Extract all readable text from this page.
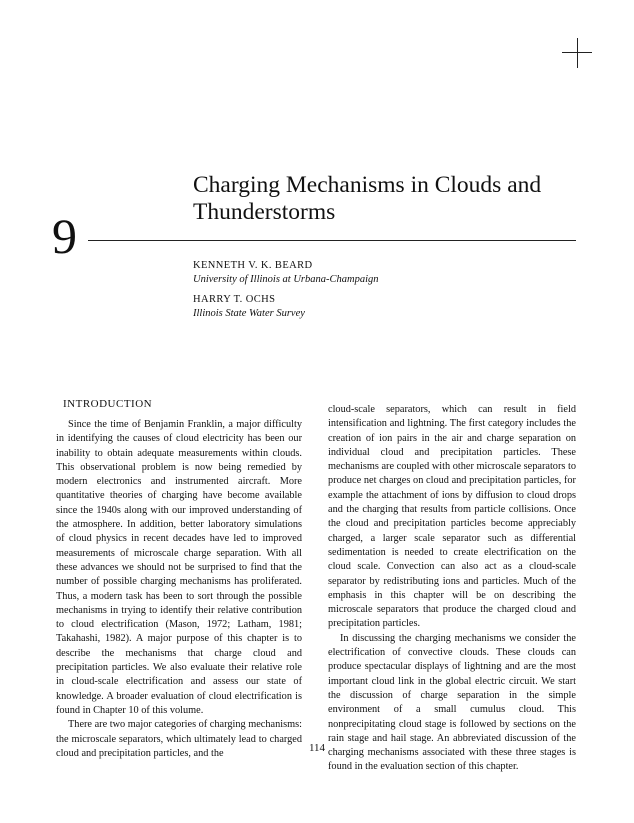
Charging Mechanisms in Clouds and Thunderstorms
9
KENNETH V. K. BEARD
University of Illinois at Urbana-Champaign
HARRY T. OCHS
Illinois State Water Survey
INTRODUCTION

Since the time of Benjamin Franklin, a major difficulty in identifying the causes of cloud electricity has been our inability to obtain adequate measurements within clouds. This observational problem is now being remedied by modern electronics and instrumented aircraft. More quantitative theories of charging have become available since the 1940s along with our improved understanding of the atmosphere. In addition, better laboratory simulations of cloud physics in recent decades have led to improved measurements of microscale charge separation. With all these advances we should not be surprised to find that the number of possible charging mechanisms has proliferated. Thus, a modern task has been to sort through the possible mechanisms in trying to identify their relative contribution to cloud electrification (Mason, 1972; Latham, 1981; Takahashi, 1982). A major purpose of this chapter is to describe the mechanisms that charge cloud and precipitation particles. We also evaluate their relative role in cloud-scale electrification and assess our state of knowledge. A broader evaluation of cloud electrification is found in Chapter 10 of this volume.

There are two major categories of charging mechanisms: the microscale separators, which ultimately lead to charged cloud and precipitation particles, and the

cloud-scale separators, which can result in field intensification and lightning. The first category includes the creation of ion pairs in the air and charge separation on individual cloud and precipitation particles. These mechanisms are coupled with other microscale separators to produce net charges on cloud and precipitation particles, for example the attachment of ions by diffusion to cloud drops and the charging that results from particle collisions. Once the cloud and precipitation particles become appreciably charged, a larger scale separator such as differential sedimentation is needed to create electrification on the cloud scale. Convection can also act as a cloud-scale separator by redistributing ions and particles. Much of the emphasis in this chapter will be on describing the microscale separators that produce the charged cloud and precipitation particles.

In discussing the charging mechanisms we consider the electrification of convective clouds. These clouds can produce spectacular displays of lightning and are the most important cloud link in the global electric circuit. We start the discussion of charge separation in the simple environment of a small cumulus cloud. This nonprecipitating cloud stage is followed by sections on the rain stage and hail stage. An abbreviated discussion of the charging mechanisms associated with these three stages is found in the evaluation section of this chapter.

114
